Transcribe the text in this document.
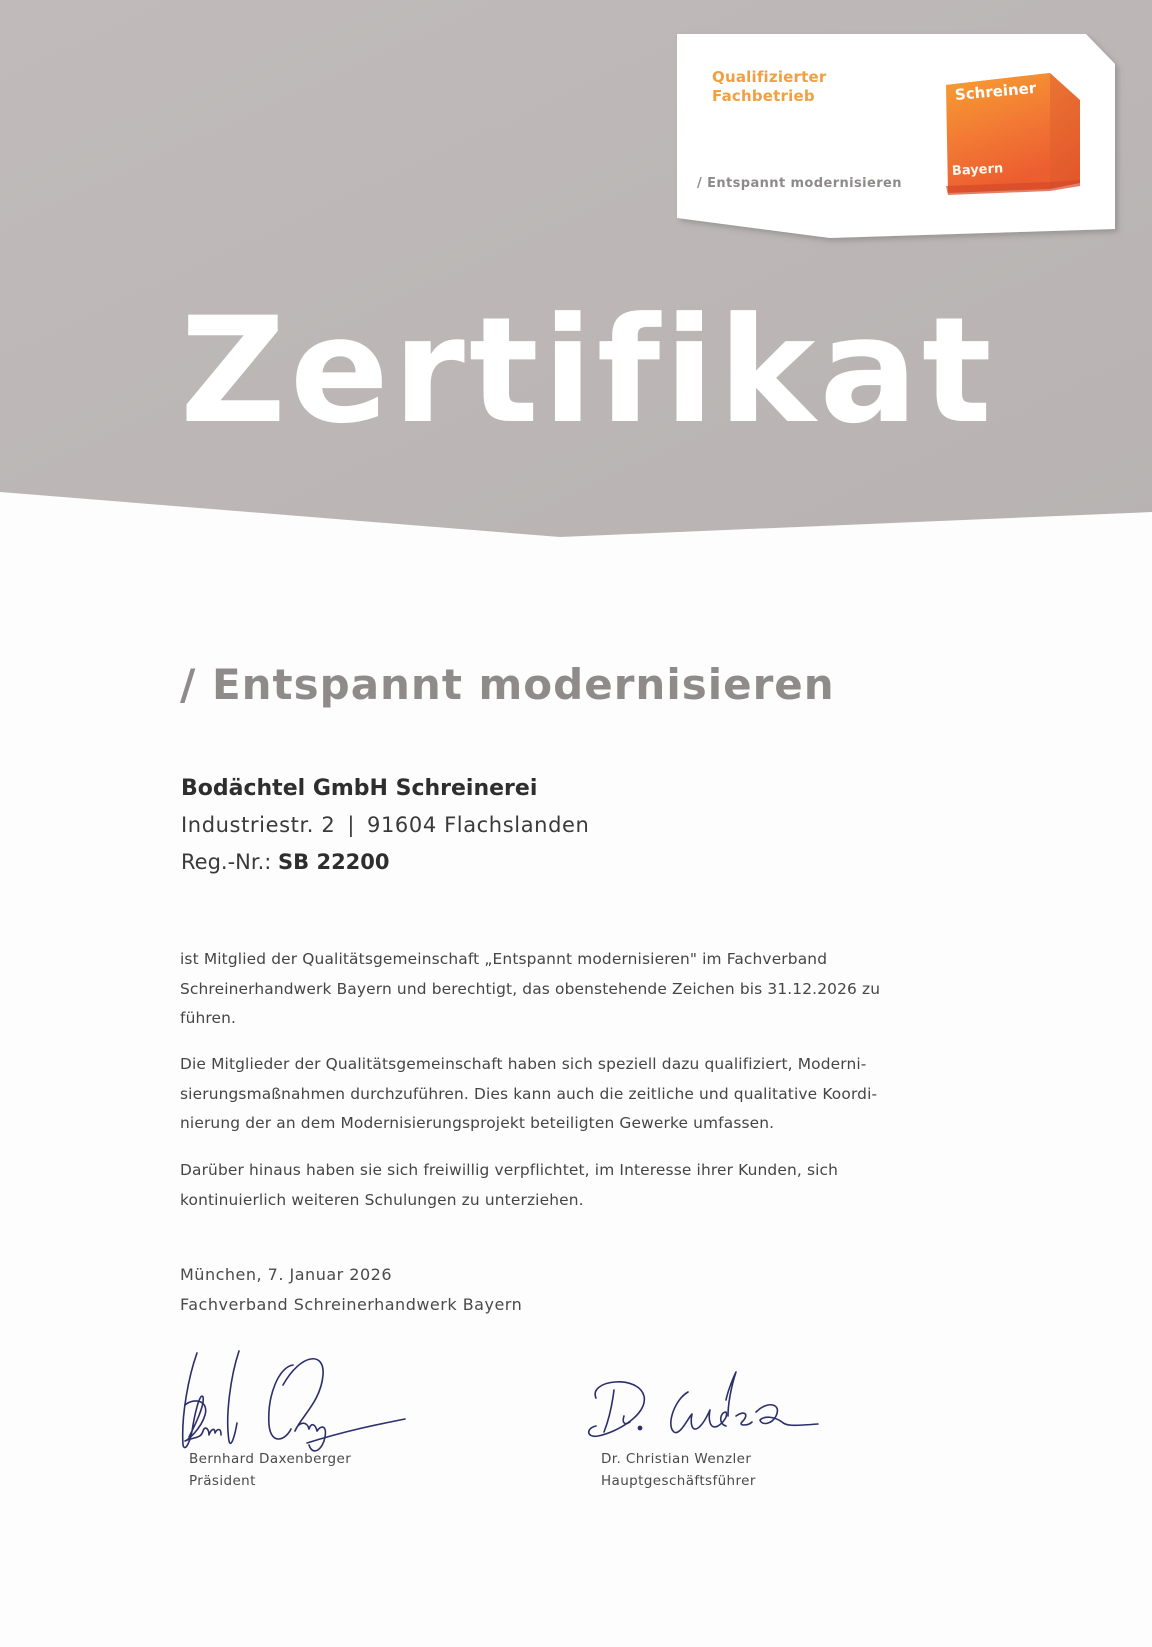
Qualifizierter
Fachbetrieb
/ Entspannt modernisieren
Schreiner
Bayern
Zertifikat
/ Entspannt modernisieren
Bodächtel GmbH Schreinerei
Industriestr. 2 | 91604 Flachslanden
Reg.-Nr.: SB 22200
ist Mitglied der Qualitätsgemeinschaft „Entspannt modernisieren" im Fachverband
Schreinerhandwerk Bayern und berechtigt, das obenstehende Zeichen bis 31.12.2026 zu
führen.
Die Mitglieder der Qualitätsgemeinschaft haben sich speziell dazu qualifiziert, Moderni-
sierungsmaßnahmen durchzuführen. Dies kann auch die zeitliche und qualitative Koordi-
nierung der an dem Modernisierungsprojekt beteiligten Gewerke umfassen.
Darüber hinaus haben sie sich freiwillig verpflichtet, im Interesse ihrer Kunden, sich
kontinuierlich weiteren Schulungen zu unterziehen.
München, 7. Januar 2026
Fachverband Schreinerhandwerk Bayern
Bernhard Daxenberger
Präsident
Dr. Christian Wenzler
Hauptgeschäftsführer
